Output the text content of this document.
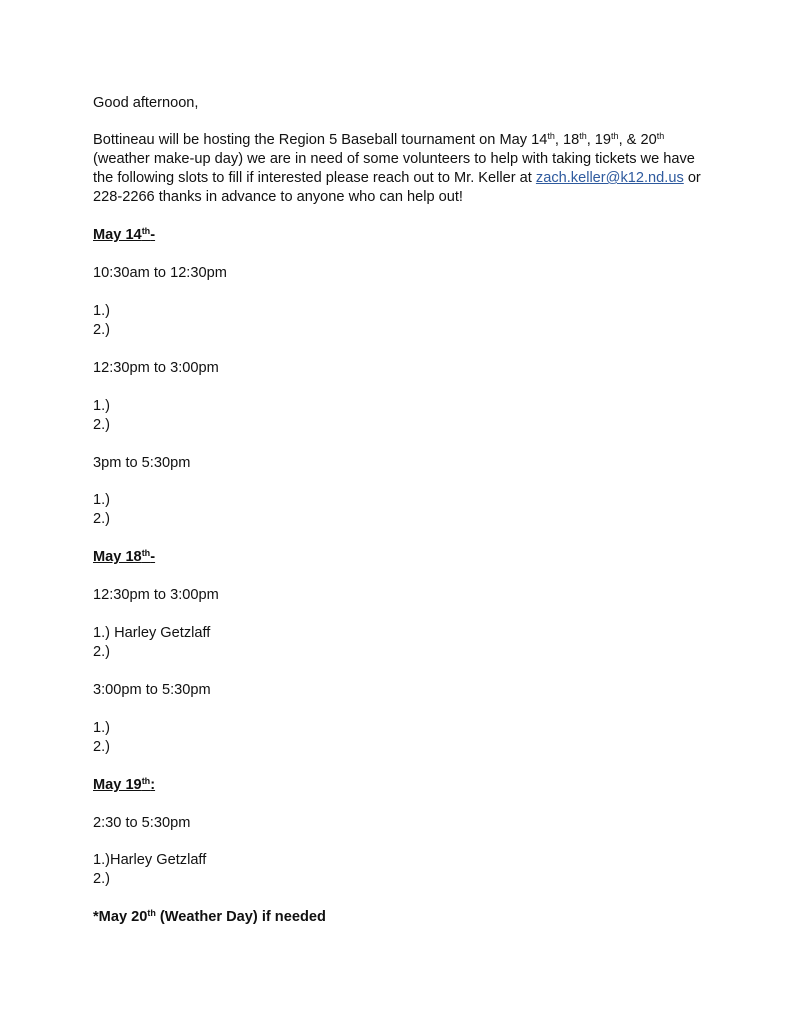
Good afternoon,
Bottineau will be hosting the Region 5 Baseball tournament on May 14th, 18th, 19th, & 20th
(weather make-up day) we are in need of some volunteers to help with taking tickets we have
the following slots to fill if interested please reach out to Mr. Keller at zach.keller@k12.nd.us or
228-2266 thanks in advance to anyone who can help out!
May 14th-
10:30am to 12:30pm
1.)
2.)
12:30pm to 3:00pm
1.)
2.)
3pm to 5:30pm
1.)
2.)
May 18th-
12:30pm to 3:00pm
1.) Harley Getzlaff
2.)
3:00pm to 5:30pm
1.)
2.)
May 19th:
2:30 to 5:30pm
1.)Harley Getzlaff
2.)
*May 20th (Weather Day) if needed
